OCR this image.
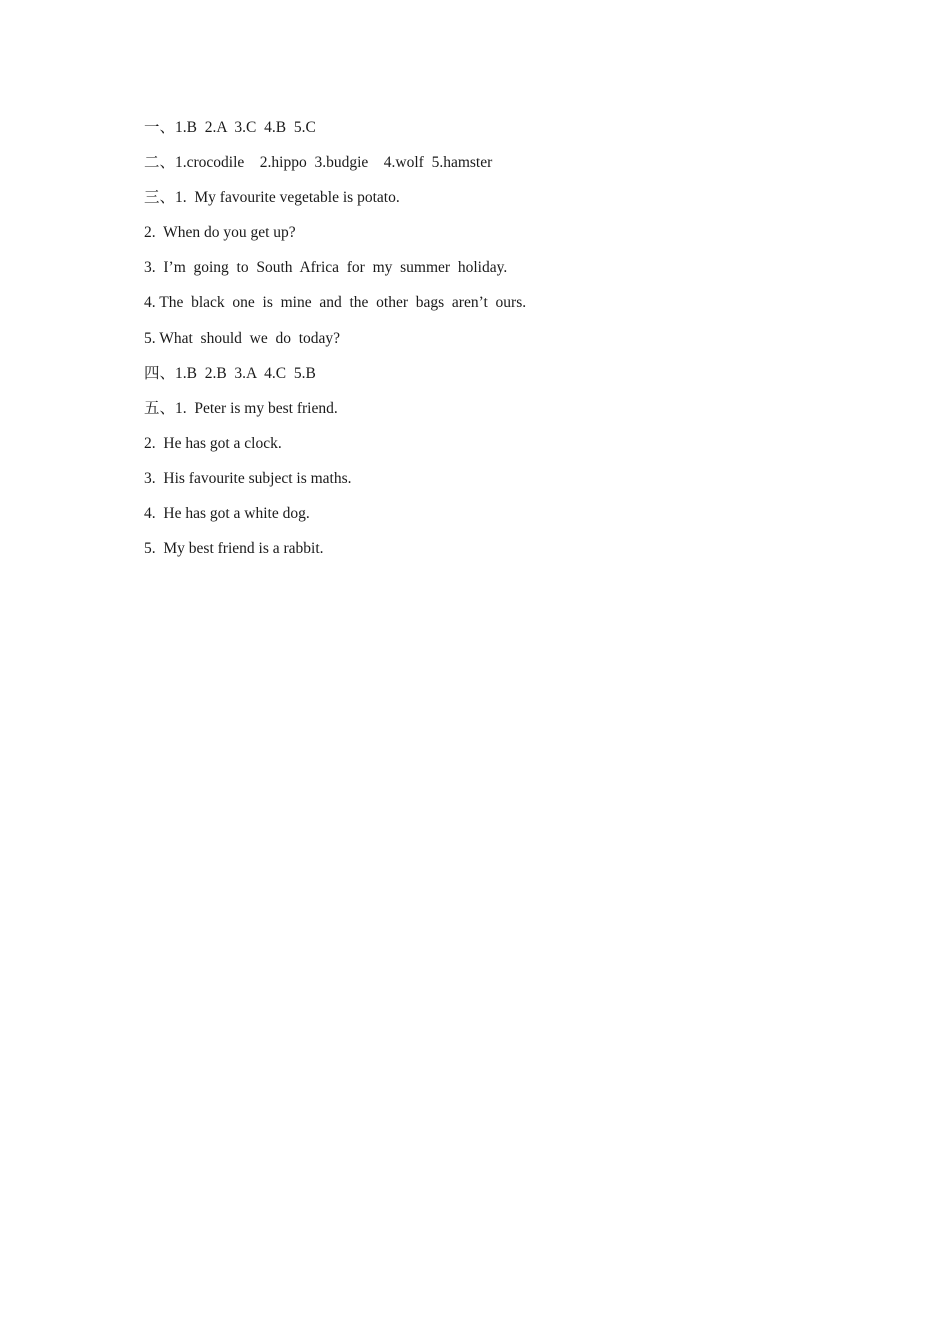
一、1.B  2.A  3.C  4.B  5.C
二、1.crocodile    2.hippo  3.budgie    4.wolf  5.hamster
三、1.  My favourite vegetable is potato.
2.  When do you get up?
3.  I’m  going  to  South  Africa  for  my  summer  holiday.
4. The  black  one  is  mine  and  the  other  bags  aren’t  ours.
5. What  should  we  do  today?
四、1.B  2.B  3.A  4.C  5.B
五、1.  Peter is my best friend.
2.  He has got a clock.
3.  His favourite subject is maths.
4.  He has got a white dog.
5.  My best friend is a rabbit.
